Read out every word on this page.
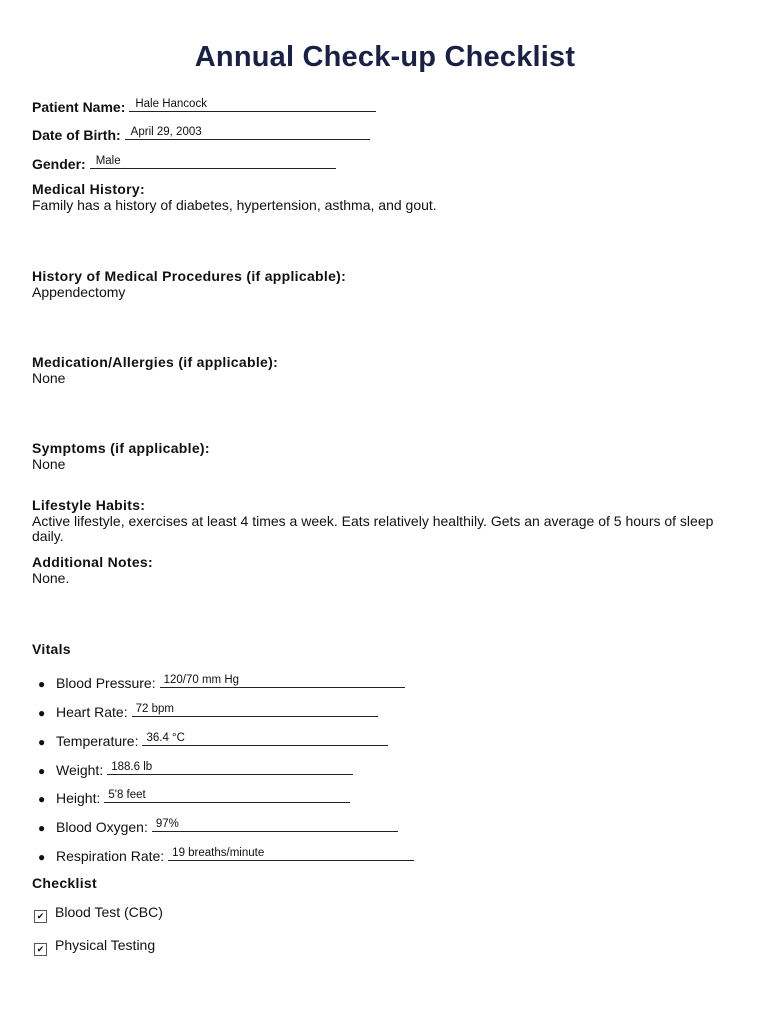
Annual Check-up Checklist
Patient Name: Hale Hancock
Date of Birth: April 29, 2003
Gender: Male
Medical History:
Family has a history of diabetes, hypertension, asthma, and gout.
History of Medical Procedures (if applicable):
Appendectomy
Medication/Allergies (if applicable):
None
Symptoms (if applicable):
None
Lifestyle Habits:
Active lifestyle, exercises at least 4 times a week. Eats relatively healthily. Gets an average of 5 hours of sleep daily.
Additional Notes:
None.
Vitals
● Blood Pressure: 120/70 mm Hg
● Heart Rate: 72 bpm
● Temperature: 36.4 °C
● Weight: 188.6 lb
● Height: 5'8 feet
● Blood Oxygen: 97%
● Respiration Rate: 19 breaths/minute
Checklist
✔ Blood Test (CBC)
✔ Physical Testing
